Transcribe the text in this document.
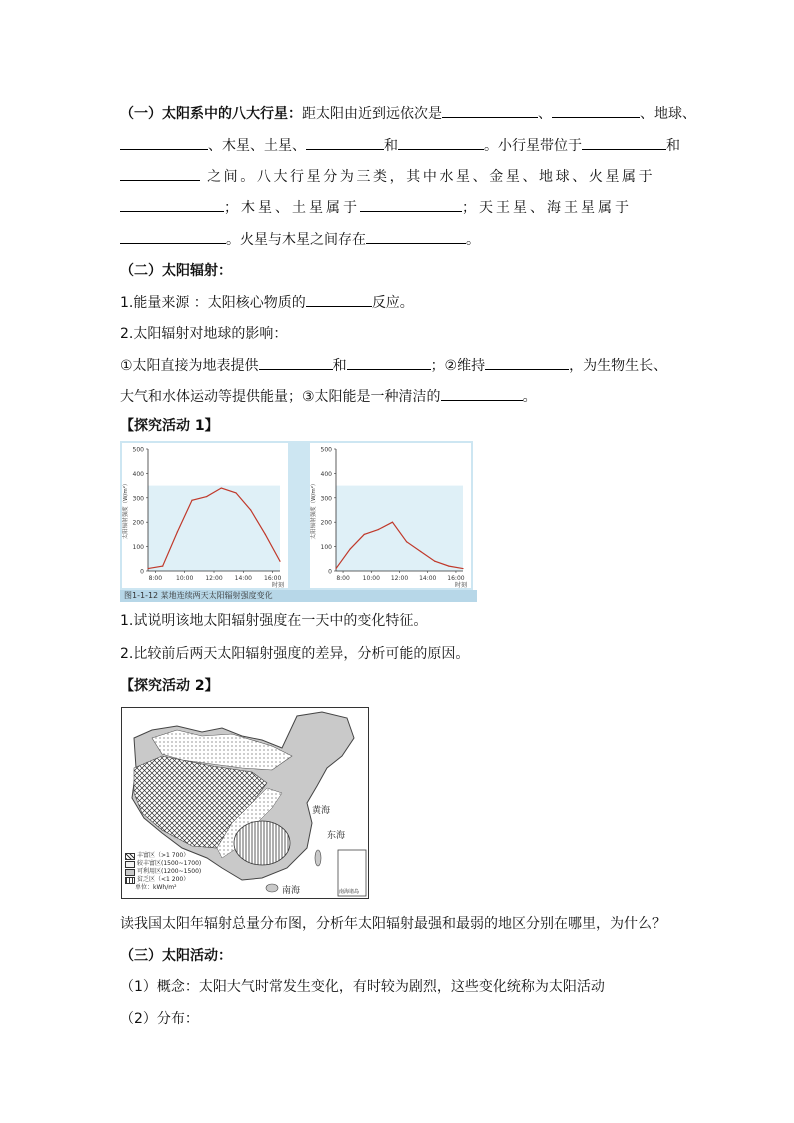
（一）太阳系中的八大行星：距太阳由近到远依次是	、	、地球、
、木星、土星、	和	。小行星带位于	和
之间。八大行星分为三类，其中水星、金星、地球、火星属于
；木星、土星属于	；天王星、海王星属于
。火星与木星之间存在	。
（二）太阳辐射：
1.能量来源 ：太阳核心物质的	反应。
2.太阳辐射对地球的影响：
①太阳直接为地表提供	和	；②维持	，为生物生长、
大气和水体运动等提供能量；③太阳能是一种清洁的	。
【探究活动 1】
0
100
200
300
400
500
8:00 10:00 12:00 14:00 16:00
时刻
太阳辐射强度（W/m²）
0
100
200
300
400
500
8:00 10:00 12:00 14:00 16:00
时刻
太阳辐射强度（W/m²）
图1-1-12 某地连续两天太阳辐射强度变化
1.试说明该地太阳辐射强度在一天中的变化特征。
2.比较前后两天太阳辐射强度的差异，分析可能的原因。
【探究活动 2】
黄海
东海
南海	南海诸岛
丰富区（>1 700）
较丰富区(1500~1700)
可利用区(1200~1500)
贫乏区（<1 200）
单位：kWh/m²
读我国太阳年辐射总量分布图，分析年太阳辐射最强和最弱的地区分别在哪里，为什么？
（三）太阳活动：
（1）概念：太阳大气时常发生变化，有时较为剧烈，这些变化统称为太阳活动
（2）分布：
